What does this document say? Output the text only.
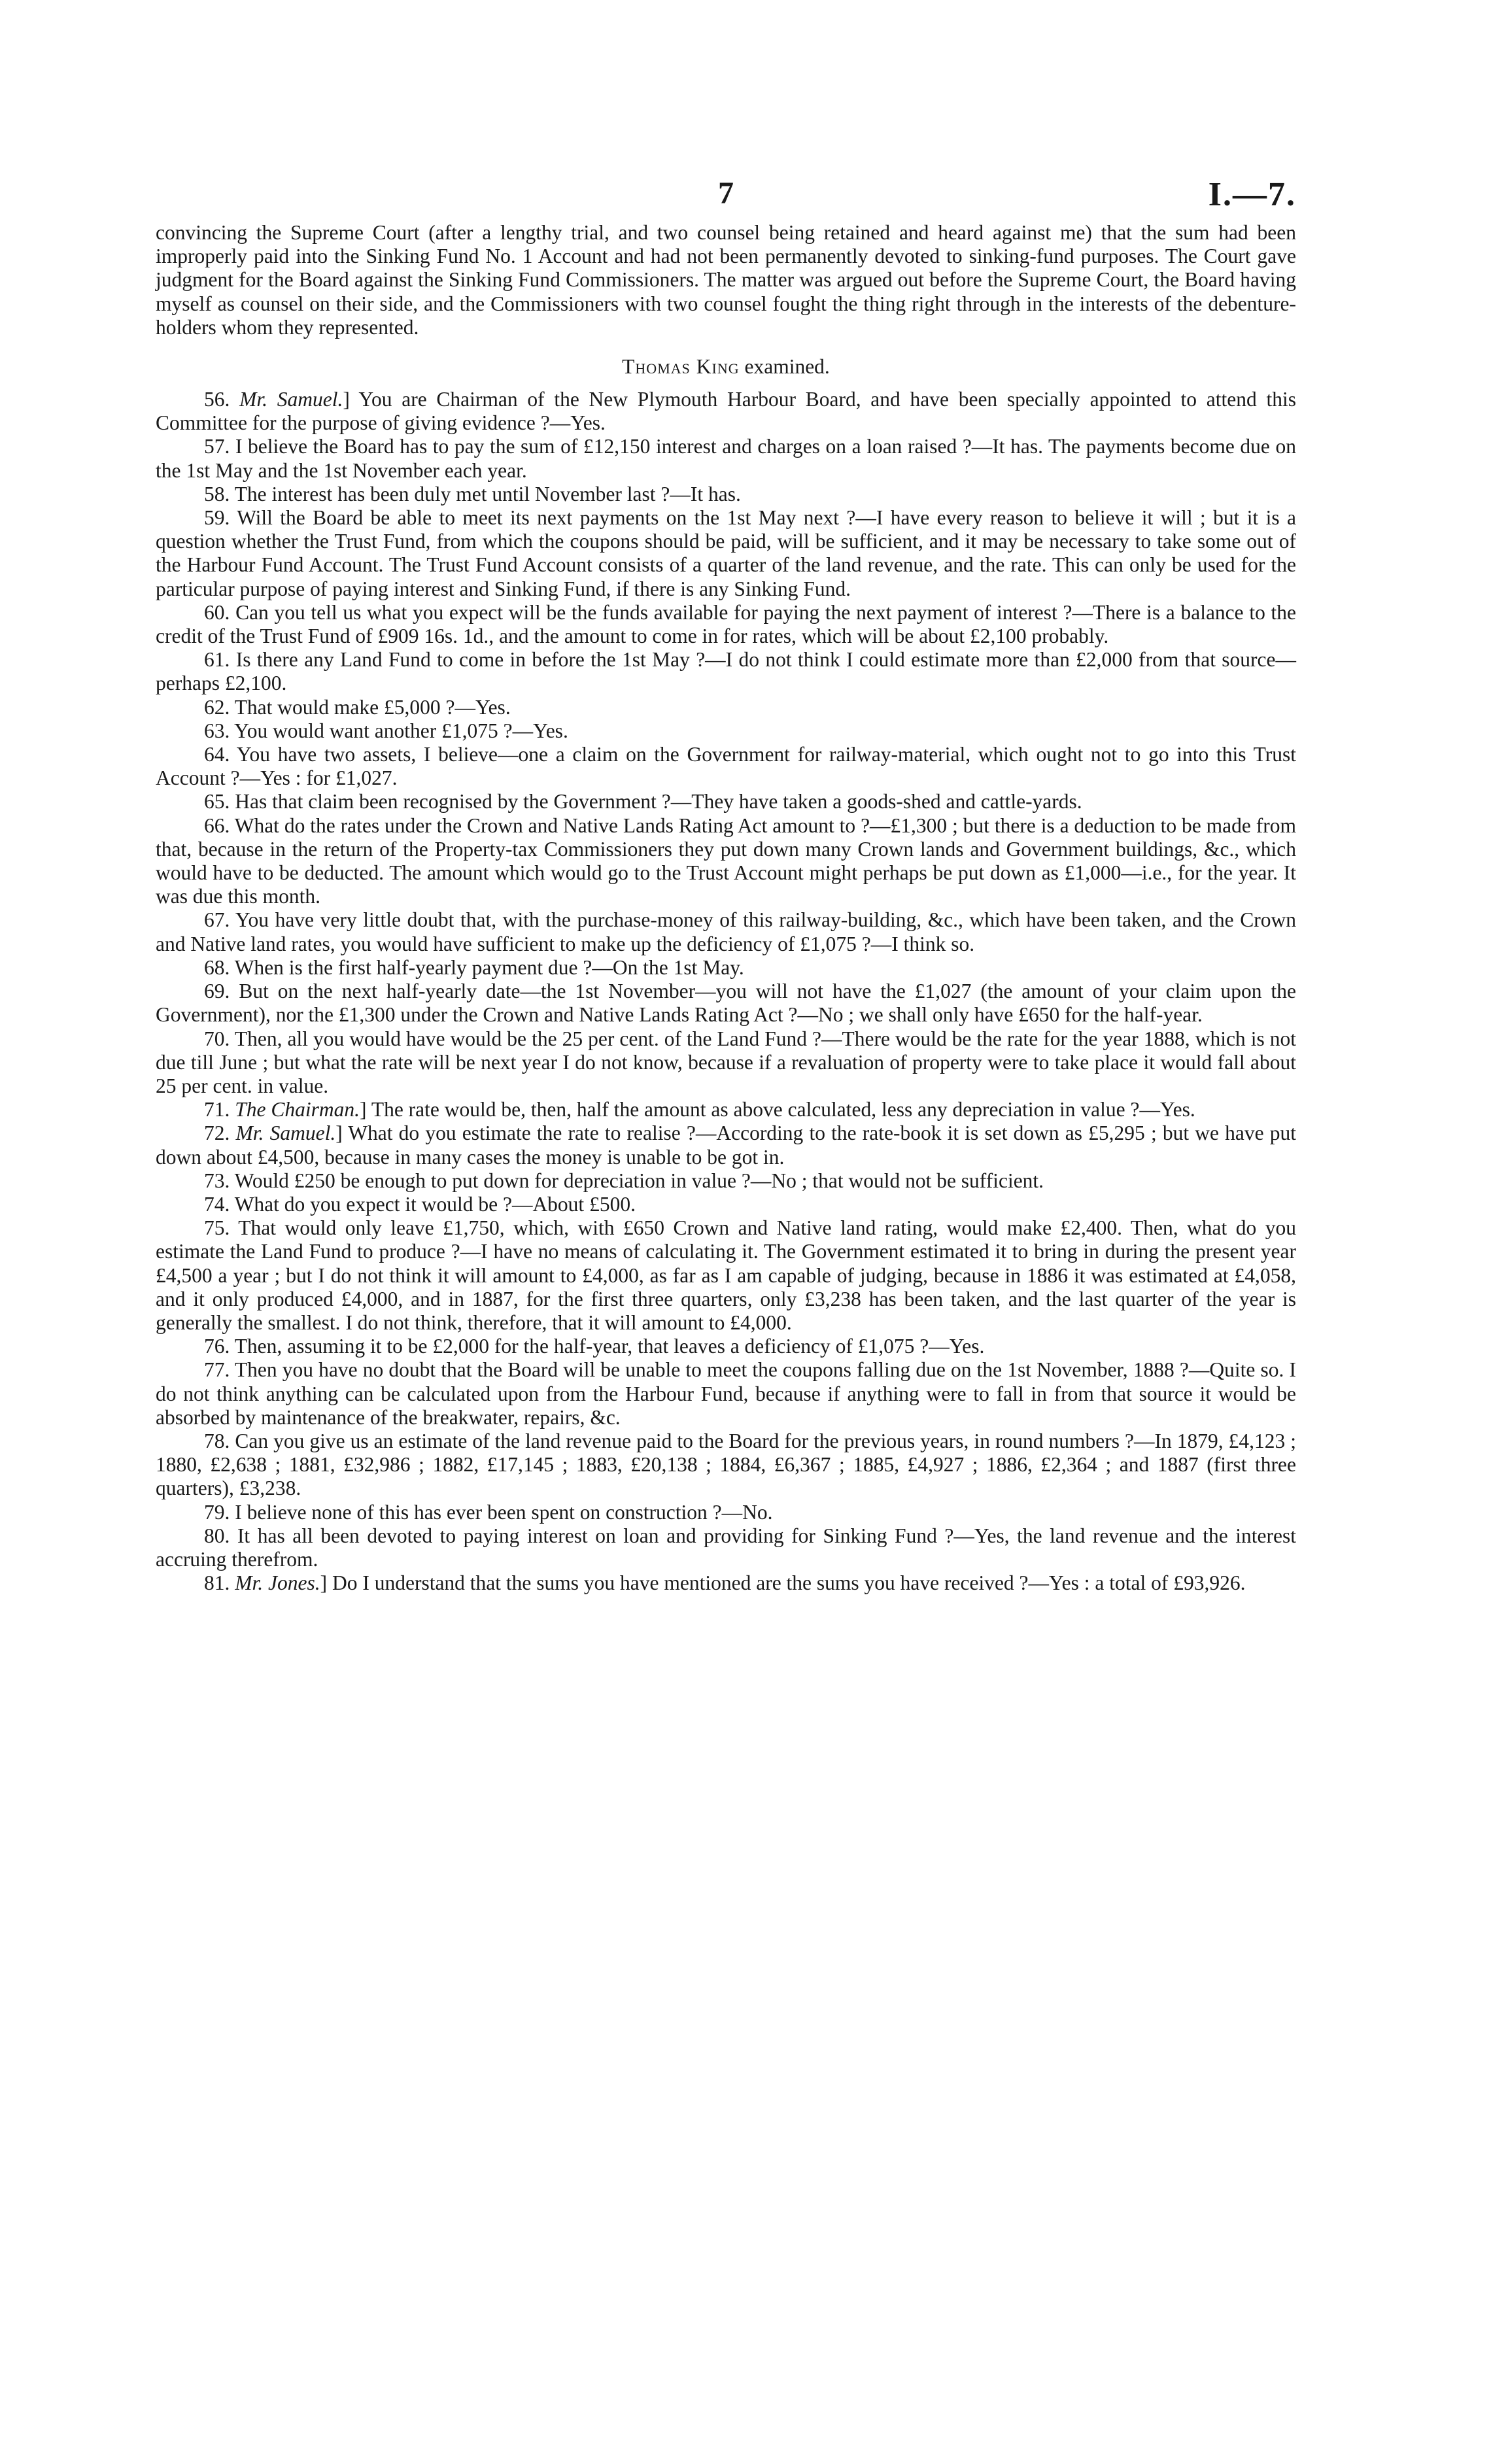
7	I.—7.

convincing the Supreme Court (after a lengthy trial, and two counsel being retained and heard against me) that the sum had been improperly paid into the Sinking Fund No. 1 Account and had not been permanently devoted to sinking-fund purposes. The Court gave judgment for the Board against the Sinking Fund Commissioners. The matter was argued out before the Supreme Court, the Board having myself as counsel on their side, and the Commissioners with two counsel fought the thing right through in the interests of the debenture-holders whom they represented.

Thomas King examined.

56. Mr. Samuel.] You are Chairman of the New Plymouth Harbour Board, and have been specially appointed to attend this Committee for the purpose of giving evidence ?—Yes.

57. I believe the Board has to pay the sum of £12,150 interest and charges on a loan raised ?—It has. The payments become due on the 1st May and the 1st November each year.

58. The interest has been duly met until November last ?—It has.

59. Will the Board be able to meet its next payments on the 1st May next ?—I have every reason to believe it will ; but it is a question whether the Trust Fund, from which the coupons should be paid, will be sufficient, and it may be necessary to take some out of the Harbour Fund Account. The Trust Fund Account consists of a quarter of the land revenue, and the rate. This can only be used for the particular purpose of paying interest and Sinking Fund, if there is any Sinking Fund.

60. Can you tell us what you expect will be the funds available for paying the next payment of interest ?—There is a balance to the credit of the Trust Fund of £909 16s. 1d., and the amount to come in for rates, which will be about £2,100 probably.

61. Is there any Land Fund to come in before the 1st May ?—I do not think I could estimate more than £2,000 from that source—perhaps £2,100.

62. That would make £5,000 ?—Yes.

63. You would want another £1,075 ?—Yes.

64. You have two assets, I believe—one a claim on the Government for railway-material, which ought not to go into this Trust Account ?—Yes : for £1,027.

65. Has that claim been recognised by the Government ?—They have taken a goods-shed and cattle-yards.

66. What do the rates under the Crown and Native Lands Rating Act amount to ?—£1,300 ; but there is a deduction to be made from that, because in the return of the Property-tax Commissioners they put down many Crown lands and Government buildings, &c., which would have to be deducted. The amount which would go to the Trust Account might perhaps be put down as £1,000—i.e., for the year. It was due this month.

67. You have very little doubt that, with the purchase-money of this railway-building, &c., which have been taken, and the Crown and Native land rates, you would have sufficient to make up the deficiency of £1,075 ?—I think so.

68. When is the first half-yearly payment due ?—On the 1st May.

69. But on the next half-yearly date—the 1st November—you will not have the £1,027 (the amount of your claim upon the Government), nor the £1,300 under the Crown and Native Lands Rating Act ?—No ; we shall only have £650 for the half-year.

70. Then, all you would have would be the 25 per cent. of the Land Fund ?—There would be the rate for the year 1888, which is not due till June ; but what the rate will be next year I do not know, because if a revaluation of property were to take place it would fall about 25 per cent. in value.

71. The Chairman.] The rate would be, then, half the amount as above calculated, less any depreciation in value ?—Yes.

72. Mr. Samuel.] What do you estimate the rate to realise ?—According to the rate-book it is set down as £5,295 ; but we have put down about £4,500, because in many cases the money is unable to be got in.

73. Would £250 be enough to put down for depreciation in value ?—No ; that would not be sufficient.

74. What do you expect it would be ?—About £500.

75. That would only leave £1,750, which, with £650 Crown and Native land rating, would make £2,400. Then, what do you estimate the Land Fund to produce ?—I have no means of calculating it. The Government estimated it to bring in during the present year £4,500 a year ; but I do not think it will amount to £4,000, as far as I am capable of judging, because in 1886 it was estimated at £4,058, and it only produced £4,000, and in 1887, for the first three quarters, only £3,238 has been taken, and the last quarter of the year is generally the smallest. I do not think, therefore, that it will amount to £4,000.

76. Then, assuming it to be £2,000 for the half-year, that leaves a deficiency of £1,075 ?—Yes.

77. Then you have no doubt that the Board will be unable to meet the coupons falling due on the 1st November, 1888 ?—Quite so. I do not think anything can be calculated upon from the Harbour Fund, because if anything were to fall in from that source it would be absorbed by maintenance of the breakwater, repairs, &c.

78. Can you give us an estimate of the land revenue paid to the Board for the previous years, in round numbers ?—In 1879, £4,123 ; 1880, £2,638 ; 1881, £32,986 ; 1882, £17,145 ; 1883, £20,138 ; 1884, £6,367 ; 1885, £4,927 ; 1886, £2,364 ; and 1887 (first three quarters), £3,238.

79. I believe none of this has ever been spent on construction ?—No.

80. It has all been devoted to paying interest on loan and providing for Sinking Fund ?—Yes, the land revenue and the interest accruing therefrom.

81. Mr. Jones.] Do I understand that the sums you have mentioned are the sums you have received ?—Yes : a total of £93,926.
